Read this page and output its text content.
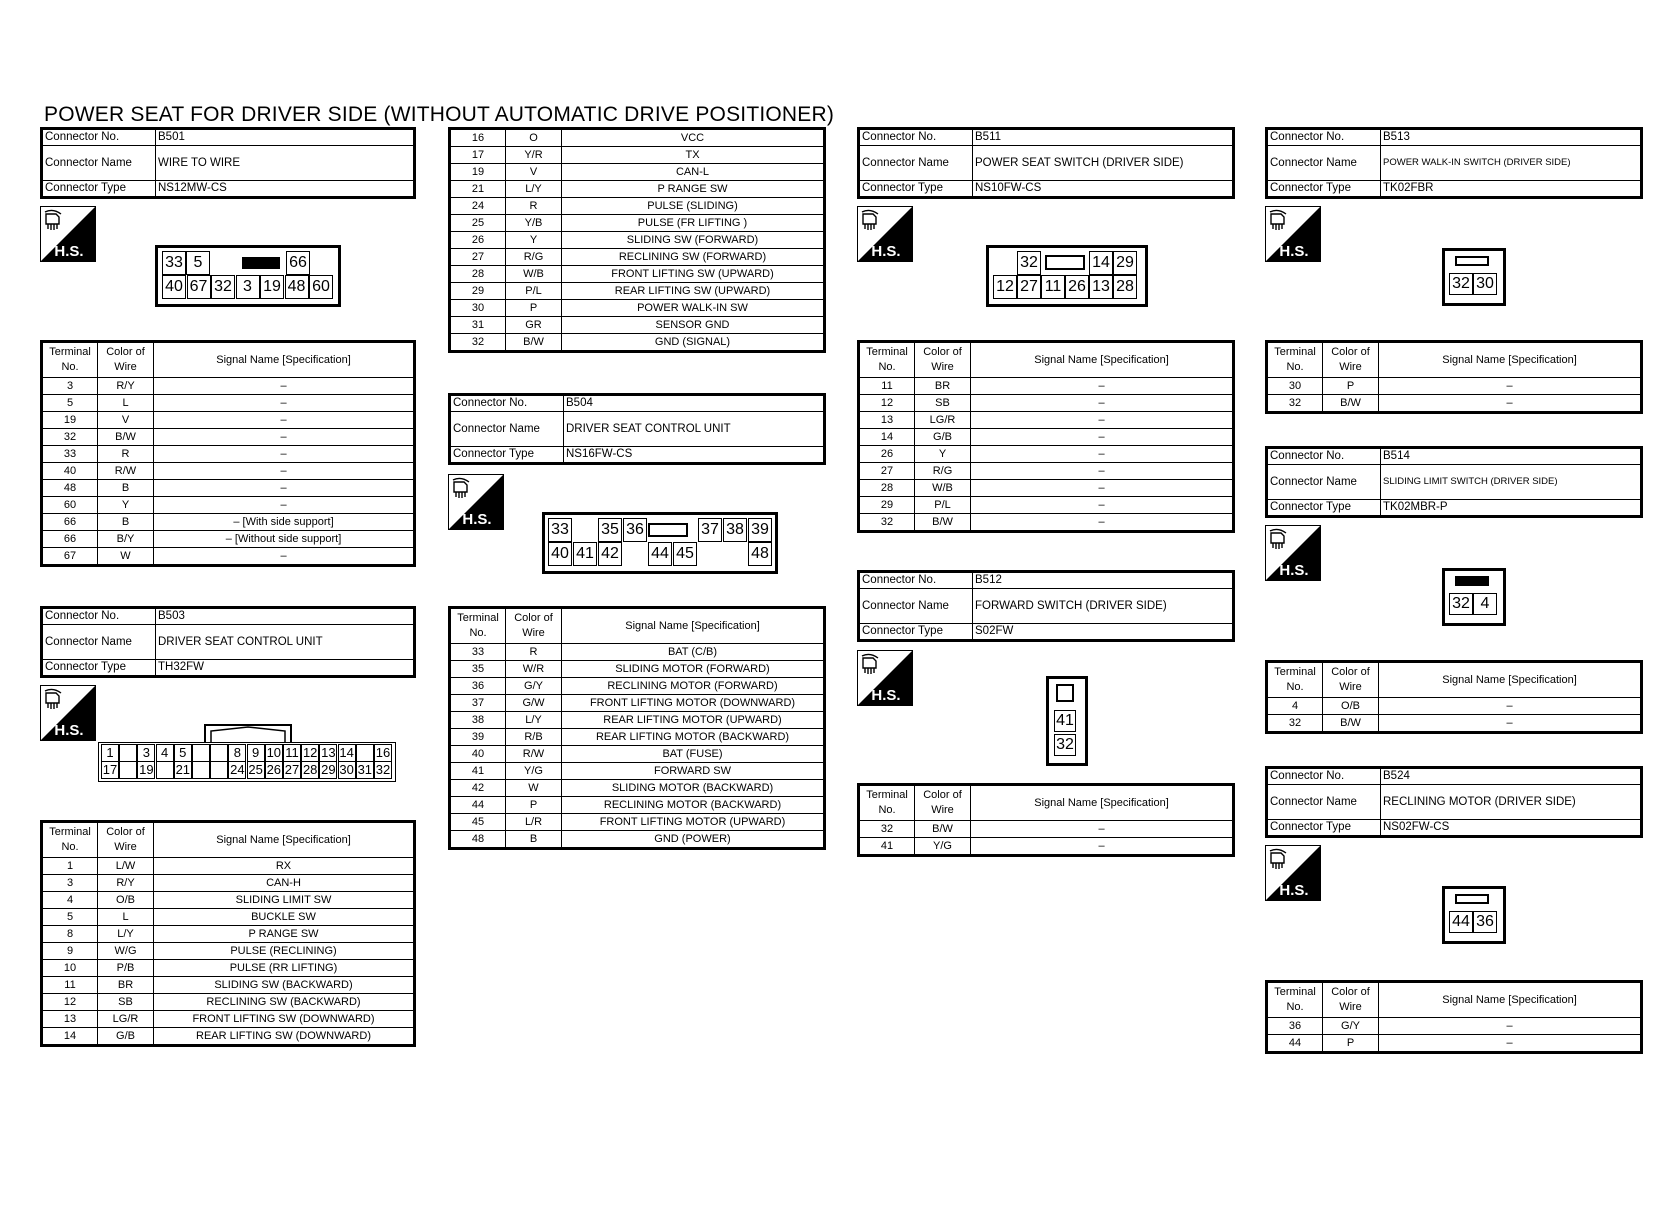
POWER SEAT FOR DRIVER SIDE (WITHOUT AUTOMATIC DRIVE POSITIONER)
Connector No.	B501
Connector Name	WIRE TO WIRE
Connector Type	NS12MW-CS
H.S.
33 5	66
40 67 32 3 19 48 60
Terminal No.	Color of Wire	Signal Name [Specification]
3	R/Y	–
5	L	–
19	V	–
32	B/W	–
33	R	–
40	R/W	–
48	B	–
60	Y	–
66	B	– [With side support]
66	B/Y	– [Without side support]
67	W	–
Connector No.	B503
Connector Name	DRIVER SEAT CONTROL UNIT
Connector Type	TH32FW
H.S.
1	3 4 5	8 9 10 11 12 13 14 16
17 19 21	24 25 26 27 28 29 30 31 32
Terminal No.	Color of Wire	Signal Name [Specification]
1	L/W	RX
3	R/Y	CAN-H
4	O/B	SLIDING LIMIT SW
5	L	BUCKLE SW
8	L/Y	P RANGE SW
9	W/G	PULSE (RECLINING)
10	P/B	PULSE (RR LIFTING)
11	BR	SLIDING SW (BACKWARD)
12	SB	RECLINING SW (BACKWARD)
13	LG/R	FRONT LIFTING SW (DOWNWARD)
14	G/B	REAR LIFTING SW (DOWNWARD)
16	O	VCC
17	Y/R	TX
19	V	CAN-L
21	L/Y	P RANGE SW
24	R	PULSE (SLIDING)
25	Y/B	PULSE (FR LIFTING )
26	Y	SLIDING SW (FORWARD)
27	R/G	RECLINING SW (FORWARD)
28	W/B	FRONT LIFTING SW (UPWARD)
29	P/L	REAR LIFTING SW (UPWARD)
30	P	POWER WALK-IN SW
31	GR	SENSOR GND
32	B/W	GND (SIGNAL)
Connector No.	B504
Connector Name	DRIVER SEAT CONTROL UNIT
Connector Type	NS16FW-CS
H.S.
33 35 36	37 38 39
40 41 42 44 45	48
Terminal No.	Color of Wire	Signal Name [Specification]
33	R	BAT (C/B)
35	W/R	SLIDING MOTOR (FORWARD)
36	G/Y	RECLINING MOTOR (FORWARD)
37	G/W	FRONT LIFTING MOTOR (DOWNWARD)
38	L/Y	REAR LIFTING MOTOR (UPWARD)
39	R/B	REAR LIFTING MOTOR (BACKWARD)
40	R/W	BAT (FUSE)
41	Y/G	FORWARD SW
42	W	SLIDING MOTOR (BACKWARD)
44	P	RECLINING MOTOR (BACKWARD)
45	L/R	FRONT LIFTING MOTOR (UPWARD)
48	B	GND (POWER)
Connector No.	B511
Connector Name	POWER SEAT SWITCH (DRIVER SIDE)
Connector Type	NS10FW-CS
H.S.
32	14 29
12 27 11 26 13 28
Terminal No.	Color of Wire	Signal Name [Specification]
11	BR	–
12	SB	–
13	LG/R	–
14	G/B	–
26	Y	–
27	R/G	–
28	W/B	–
29	P/L	–
32	B/W	–
Connector No.	B512
Connector Name	FORWARD SWITCH (DRIVER SIDE)
Connector Type	S02FW
H.S.
41
32
Terminal No.	Color of Wire	Signal Name [Specification]
32	B/W	–
41	Y/G	–
Connector No.	B513
Connector Name	POWER WALK-IN SWITCH (DRIVER SIDE)
Connector Type	TK02FBR
H.S.
32 30
Terminal No.	Color of Wire	Signal Name [Specification]
30	P	–
32	B/W	–
Connector No.	B514
Connector Name	SLIDING LIMIT SWITCH (DRIVER SIDE)
Connector Type	TK02MBR-P
H.S.
32 4
Terminal No.	Color of Wire	Signal Name [Specification]
4	O/B	–
32	B/W	–
Connector No.	B524
Connector Name	RECLINING MOTOR (DRIVER SIDE)
Connector Type	NS02FW-CS
H.S.
44 36
Terminal No.	Color of Wire	Signal Name [Specification]
36	G/Y	–
44	P	–
